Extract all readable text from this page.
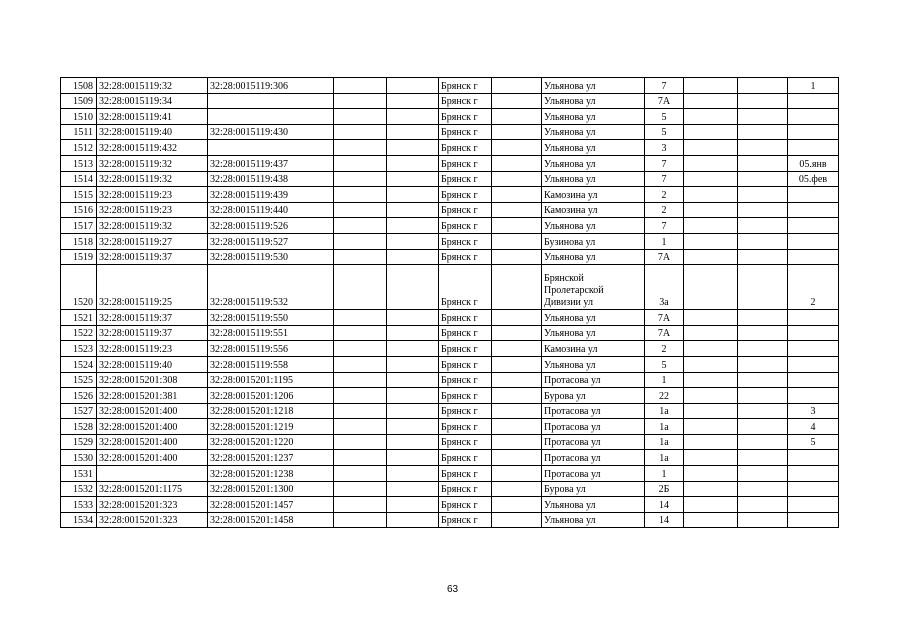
1508	32:28:0015119:32	32:28:0015119:306			Брянск г		Ульянова ул	7			1
1509	32:28:0015119:34				Брянск г		Ульянова ул	7А			
1510	32:28:0015119:41				Брянск г		Ульянова ул	5			
1511	32:28:0015119:40	32:28:0015119:430			Брянск г		Ульянова ул	5			
1512	32:28:0015119:432				Брянск г		Ульянова ул	3			
1513	32:28:0015119:32	32:28:0015119:437			Брянск г		Ульянова ул	7			05.янв
1514	32:28:0015119:32	32:28:0015119:438			Брянск г		Ульянова ул	7			05.фев
1515	32:28:0015119:23	32:28:0015119:439			Брянск г		Камозина ул	2			
1516	32:28:0015119:23	32:28:0015119:440			Брянск г		Камозина ул	2			
1517	32:28:0015119:32	32:28:0015119:526			Брянск г		Ульянова ул	7			
1518	32:28:0015119:27	32:28:0015119:527			Брянск г		Бузинова ул	1			
1519	32:28:0015119:37	32:28:0015119:530			Брянск г		Ульянова ул	7А			
1520	32:28:0015119:25	32:28:0015119:532			Брянск г		Брянской Пролетарской Дивизии ул	3а			2
1521	32:28:0015119:37	32:28:0015119:550			Брянск г		Ульянова ул	7А			
1522	32:28:0015119:37	32:28:0015119:551			Брянск г		Ульянова ул	7А			
1523	32:28:0015119:23	32:28:0015119:556			Брянск г		Камозина ул	2			
1524	32:28:0015119:40	32:28:0015119:558			Брянск г		Ульянова ул	5			
1525	32:28:0015201:308	32:28:0015201:1195			Брянск г		Протасова ул	1			
1526	32:28:0015201:381	32:28:0015201:1206			Брянск г		Бурова ул	22			
1527	32:28:0015201:400	32:28:0015201:1218			Брянск г		Протасова ул	1а			3
1528	32:28:0015201:400	32:28:0015201:1219			Брянск г		Протасова ул	1а			4
1529	32:28:0015201:400	32:28:0015201:1220			Брянск г		Протасова ул	1а			5
1530	32:28:0015201:400	32:28:0015201:1237			Брянск г		Протасова ул	1а			
1531		32:28:0015201:1238			Брянск г		Протасова ул	1			
1532	32:28:0015201:1175	32:28:0015201:1300			Брянск г		Бурова ул	2Б			
1533	32:28:0015201:323	32:28:0015201:1457			Брянск г		Ульянова ул	14			
1534	32:28:0015201:323	32:28:0015201:1458			Брянск г		Ульянова ул	14			
63
